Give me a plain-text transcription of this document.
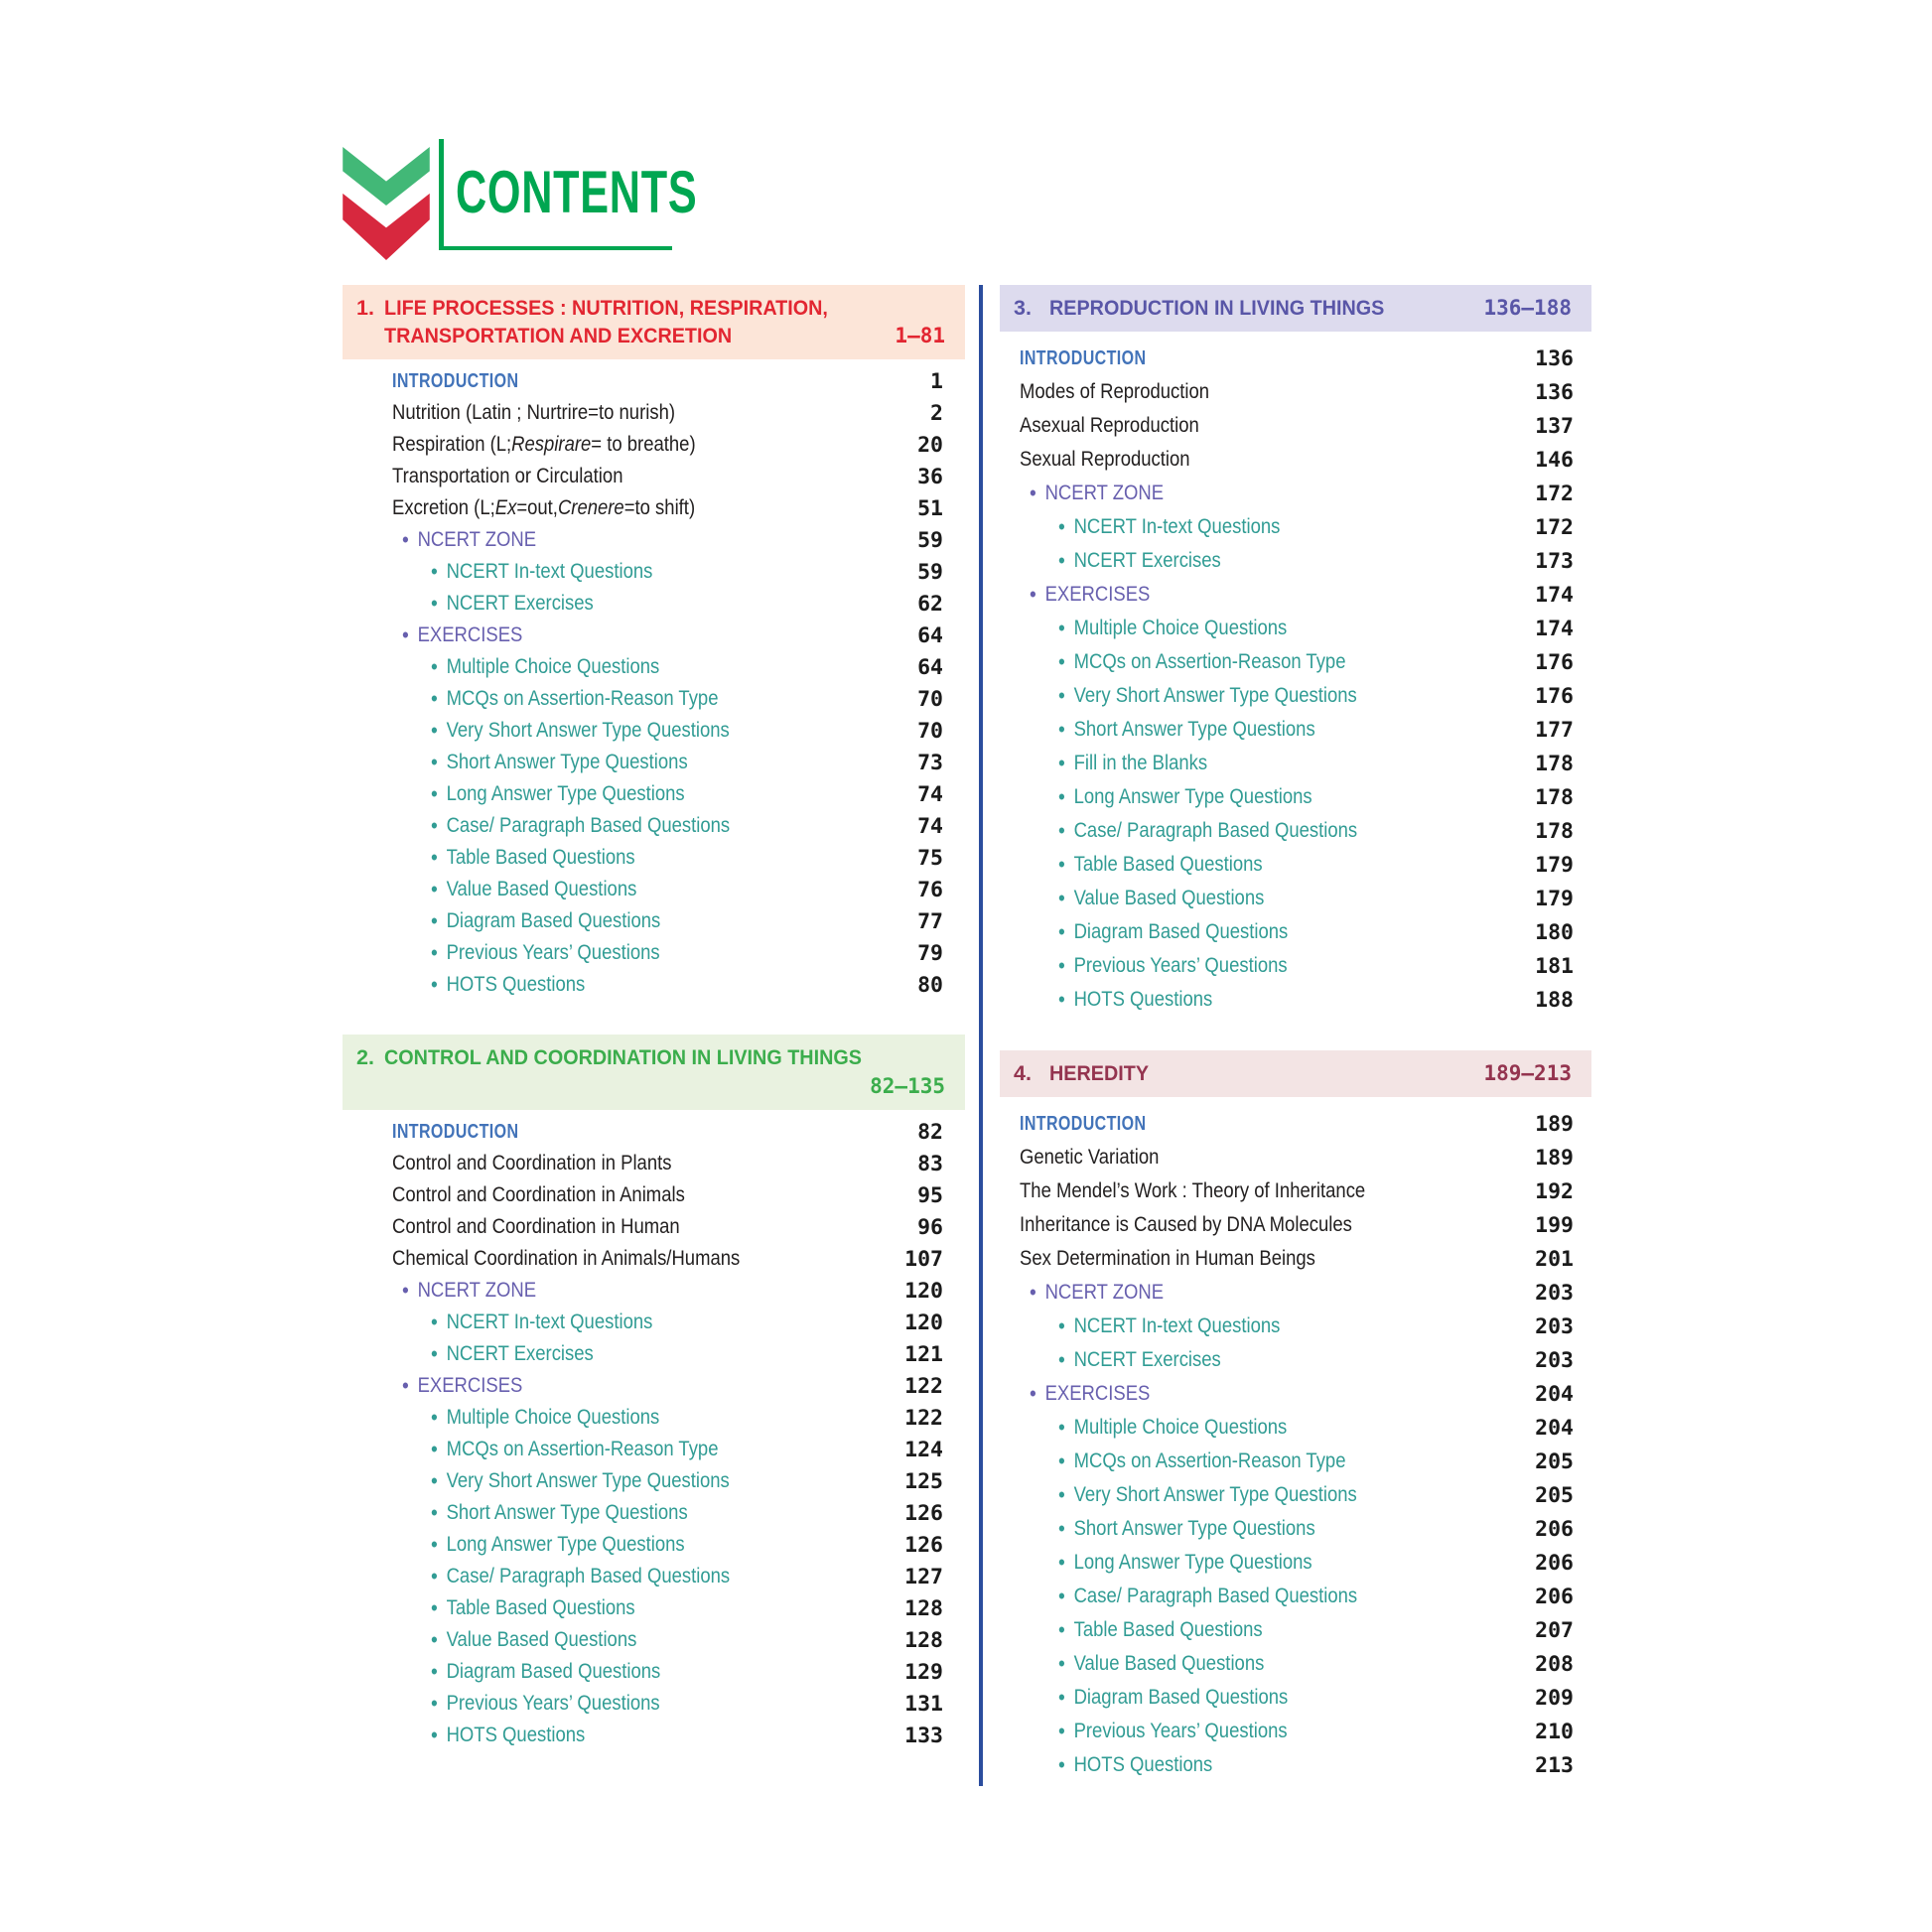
CONTENTS
1. LIFE PROCESSES : NUTRITION, RESPIRATION,
TRANSPORTATION AND EXCRETION	1–81
INTRODUCTION	1
Nutrition (Latin ; Nurtrire=to nurish)	2
Respiration (L; Respirare = to breathe)	20
Transportation or Circulation	36
Excretion (L; Ex =out, Crenere =to shift)	51
• NCERT ZONE	59
• NCERT In-text Questions	59
• NCERT Exercises	62
• EXERCISES	64
• Multiple Choice Questions	64
• MCQs on Assertion-Reason Type	70
• Very Short Answer Type Questions	70
• Short Answer Type Questions	73
• Long Answer Type Questions	74
• Case/ Paragraph Based Questions	74
• Table Based Questions	75
• Value Based Questions	76
• Diagram Based Questions	77
• Previous Years’ Questions	79
• HOTS Questions	80
2. CONTROL AND COORDINATION IN LIVING THINGS
82–135
INTRODUCTION	82
Control and Coordination in Plants	83
Control and Coordination in Animals	95
Control and Coordination in Human	96
Chemical Coordination in Animals/Humans	107
• NCERT ZONE	120
• NCERT In-text Questions	120
• NCERT Exercises	121
• EXERCISES	122
• Multiple Choice Questions	122
• MCQs on Assertion-Reason Type	124
• Very Short Answer Type Questions	125
• Short Answer Type Questions	126
• Long Answer Type Questions	126
• Case/ Paragraph Based Questions	127
• Table Based Questions	128
• Value Based Questions	128
• Diagram Based Questions	129
• Previous Years’ Questions	131
• HOTS Questions	133
3. REPRODUCTION IN LIVING THINGS	136–188
INTRODUCTION	136
Modes of Reproduction	136
Asexual Reproduction	137
Sexual Reproduction	146
• NCERT ZONE	172
• NCERT In-text Questions	172
• NCERT Exercises	173
• EXERCISES	174
• Multiple Choice Questions	174
• MCQs on Assertion-Reason Type	176
• Very Short Answer Type Questions	176
• Short Answer Type Questions	177
• Fill in the Blanks	178
• Long Answer Type Questions	178
• Case/ Paragraph Based Questions	178
• Table Based Questions	179
• Value Based Questions	179
• Diagram Based Questions	180
• Previous Years’ Questions	181
• HOTS Questions	188
4. HEREDITY	189–213
INTRODUCTION	189
Genetic Variation	189
The Mendel’s Work : Theory of Inheritance	192
Inheritance is Caused by DNA Molecules	199
Sex Determination in Human Beings	201
• NCERT ZONE	203
• NCERT In-text Questions	203
• NCERT Exercises	203
• EXERCISES	204
• Multiple Choice Questions	204
• MCQs on Assertion-Reason Type	205
• Very Short Answer Type Questions	205
• Short Answer Type Questions	206
• Long Answer Type Questions	206
• Case/ Paragraph Based Questions	206
• Table Based Questions	207
• Value Based Questions	208
• Diagram Based Questions	209
• Previous Years’ Questions	210
• HOTS Questions	213
